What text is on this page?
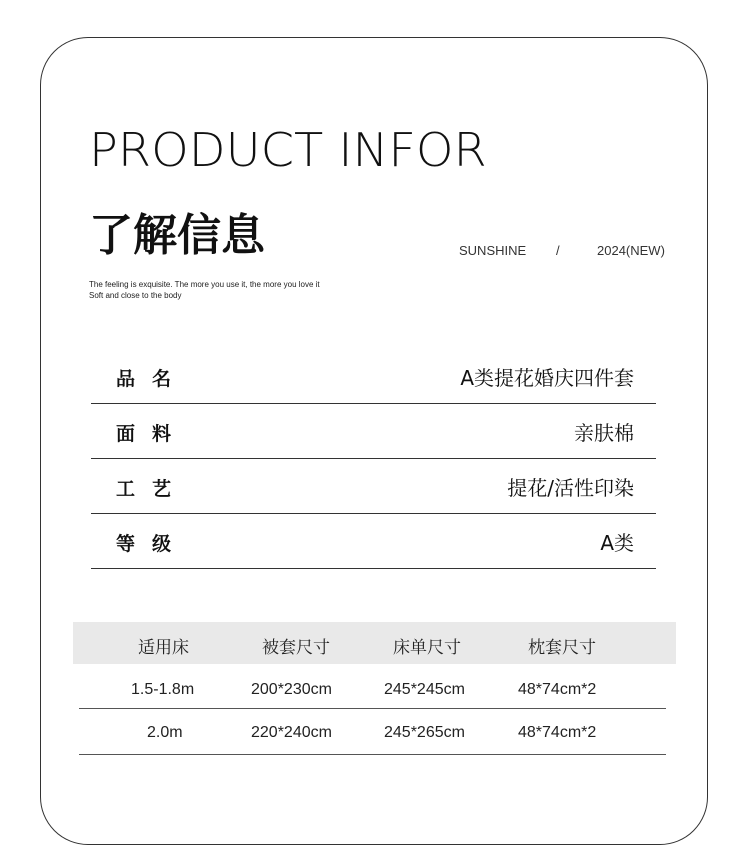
PRODUCT INFOR
了解信息	SUNSHINE /	2024(NEW)
The feeling is exquisite. The more you use it, the more you love it
Soft and close to the body
品名	A类提花婚庆四件套
面料	亲肤棉
工艺	提花/活性印染
等级	A类
适用床	被套尺寸	床单尺寸	枕套尺寸
1.5-1.8m	200*230cm	245*245cm	48*74cm*2
2.0m	220*240cm	245*265cm	48*74cm*2
